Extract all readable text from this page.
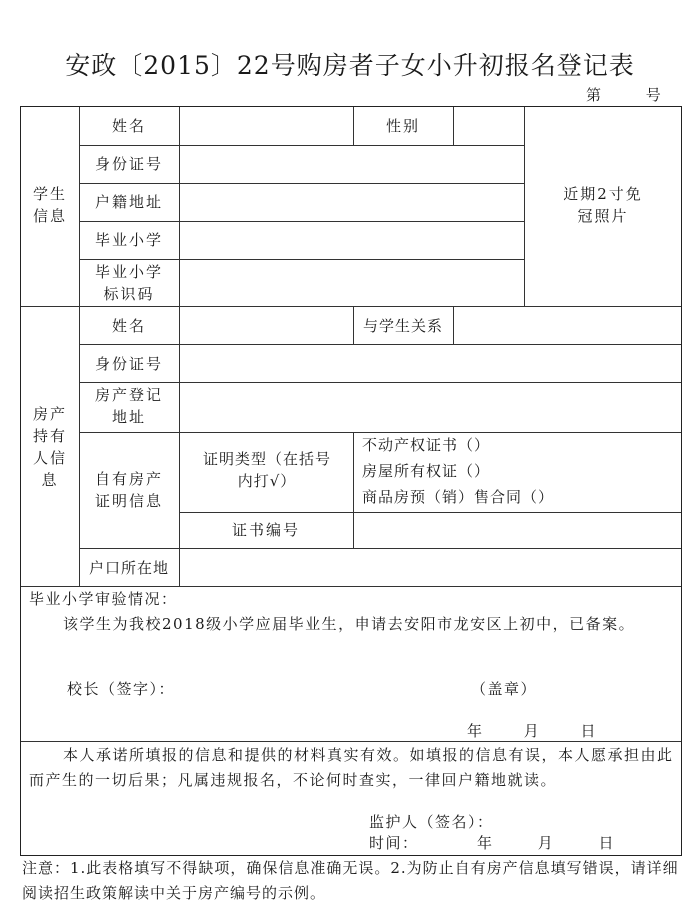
安政〔2015〕22号购房者子女小升初报名登记表
第 号
学生信息
姓名	性别
身份证号
户籍地址
毕业小学
毕业小学标识码
近期2寸免冠照片
房产持有人信息
姓名	与学生关系
身份证号
房产登记地址
自有房产证明信息
证明类型（在括号内打√）
不动产权证书（）
房屋所有权证（）
商品房预（销）售合同（）
证书编号
户口所在地
毕业小学审验情况：
该学生为我校2018级小学应届毕业生，申请去安阳市龙安区上初中，已备案。
校长（签字）：	（盖章）
年 月 日
本人承诺所填报的信息和提供的材料真实有效。如填报的信息有误，本人愿承担由此而产生的一切后果；凡属违规报名，不论何时查实，一律回户籍地就读。
监护人（签名）：
时间：	年 月 日
注意：1.此表格填写不得缺项，确保信息准确无误。2.为防止自有房产信息填写错误，请详细阅读招生政策解读中关于房产编号的示例。
